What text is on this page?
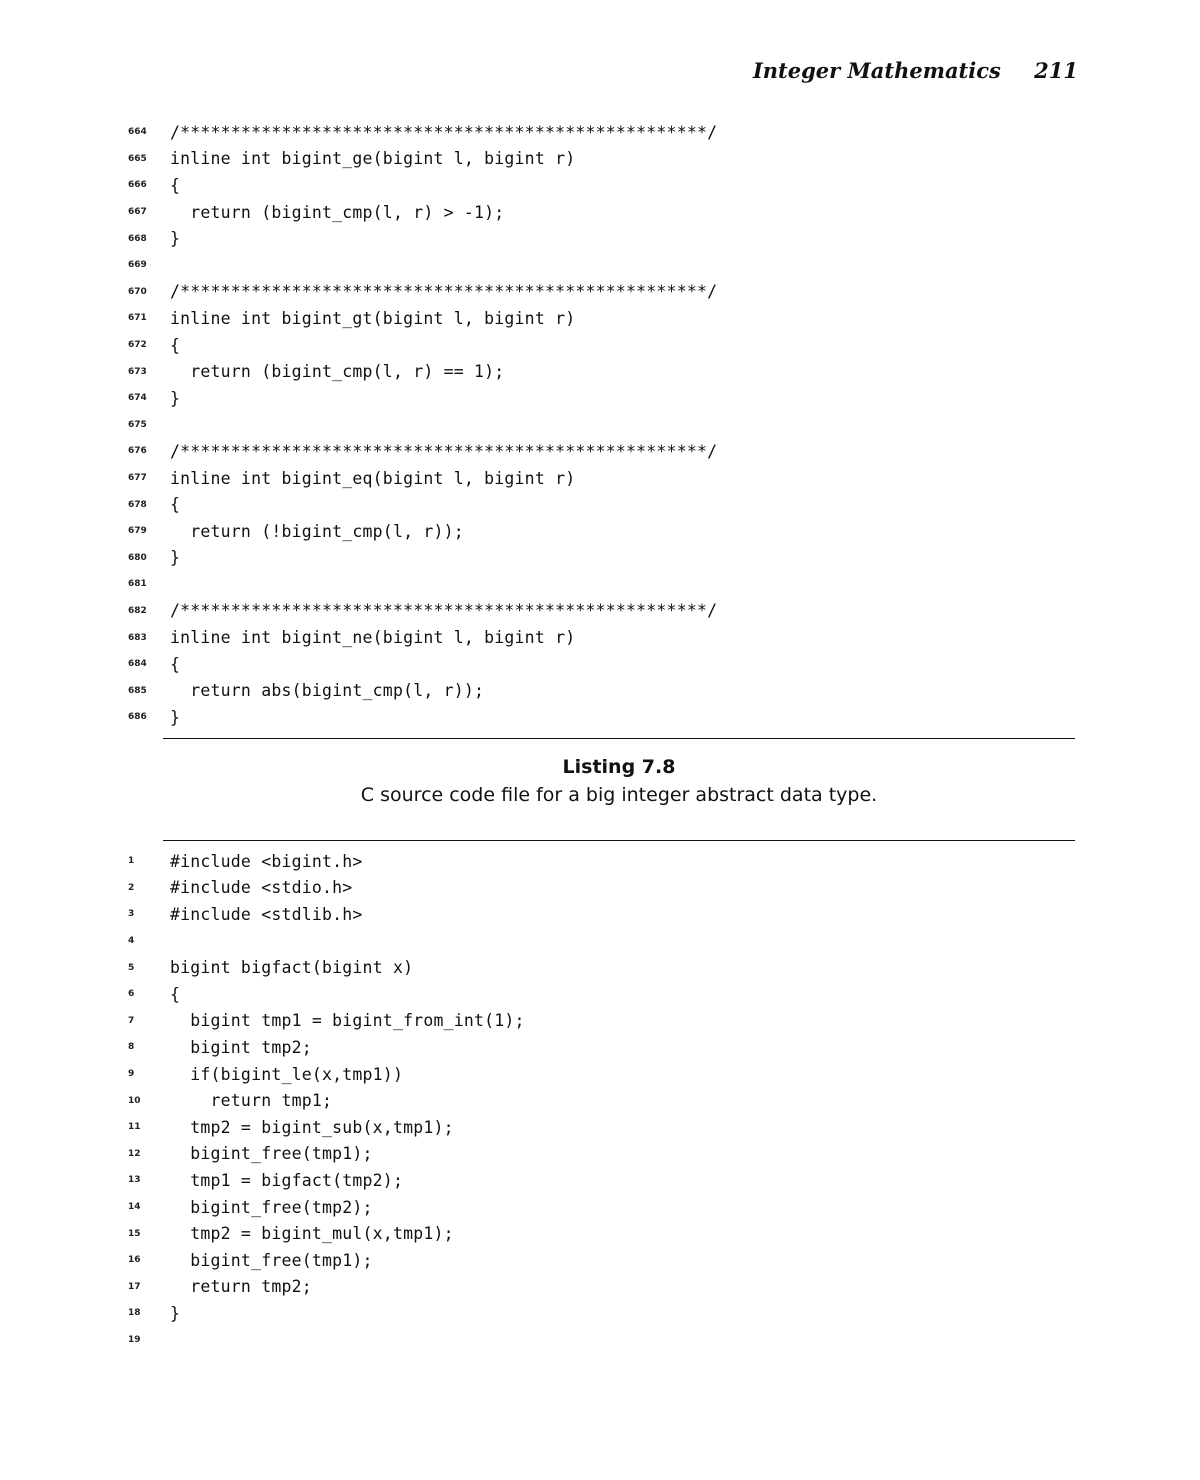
Integer Mathematics 211
664	/****************************************************/
665	inline int bigint_ge(bigint l, bigint r)
666	{
667	return (bigint_cmp(l, r) > -1);
668	}
669
670	/****************************************************/
671	inline int bigint_gt(bigint l, bigint r)
672	{
673	return (bigint_cmp(l, r) == 1);
674	}
675
676	/****************************************************/
677	inline int bigint_eq(bigint l, bigint r)
678	{
679	return (!bigint_cmp(l, r));
680	}
681
682	/****************************************************/
683	inline int bigint_ne(bigint l, bigint r)
684	{
685	return abs(bigint_cmp(l, r));
686	}
Listing 7.8
C source code file for a big integer abstract data type.
1	#include <bigint.h>
2	#include <stdio.h>
3	#include <stdlib.h>
4
5	bigint bigfact(bigint x)
6	{
7	bigint tmp1 = bigint_from_int(1);
8	bigint tmp2;
9	if(bigint_le(x,tmp1))
10	return tmp1;
11	tmp2 = bigint_sub(x,tmp1);
12	bigint_free(tmp1);
13	tmp1 = bigfact(tmp2);
14	bigint_free(tmp2);
15	tmp2 = bigint_mul(x,tmp1);
16	bigint_free(tmp1);
17	return tmp2;
18	}
19
